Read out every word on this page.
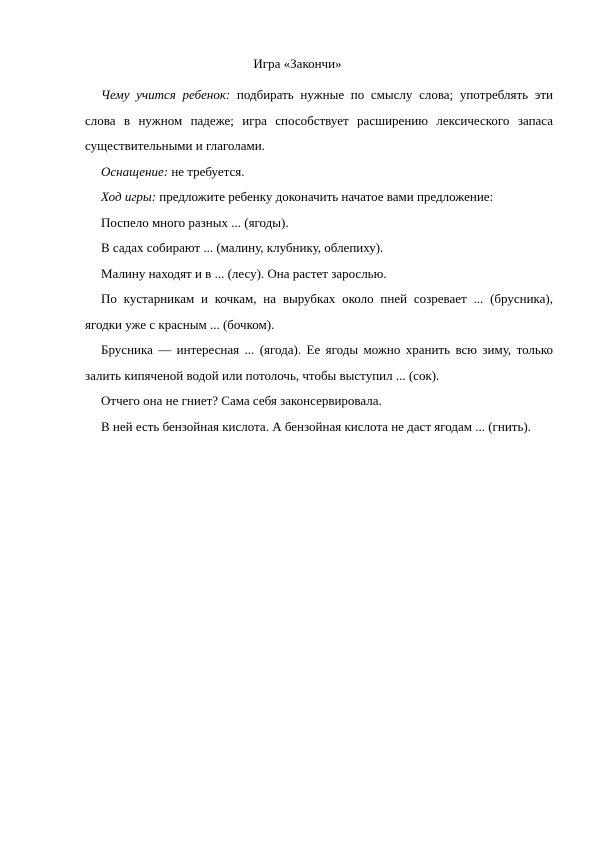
Игра «Закончи»

Чему учится ребенок: подбирать нужные по смыслу слова; употреблять эти слова в нужном падеже; игра способствует расширению лексического запаса существительными и глаголами.

Оснащение: не требуется.

Ход игры: предложите ребенку доконачить начатое вами предложение:

Поспело много разных ... (ягоды).

В садах собирают ... (малину, клубнику, облепиху).

Малину находят и в ... (лесу). Она растет зарослью.

По кустарникам и кочкам, на вырубках около пней созревает ... (брусника), ягодки уже с красным ... (бочком).

Брусника — интересная ... (ягода). Ее ягоды можно хранить всю зиму, только залить кипяченой водой или потолочь, чтобы выступил ... (сок).

Отчего она не гниет? Сама себя законсервировала.

В ней есть бензойная кислота. А бензойная кислота не даст ягодам ... (гнить).
